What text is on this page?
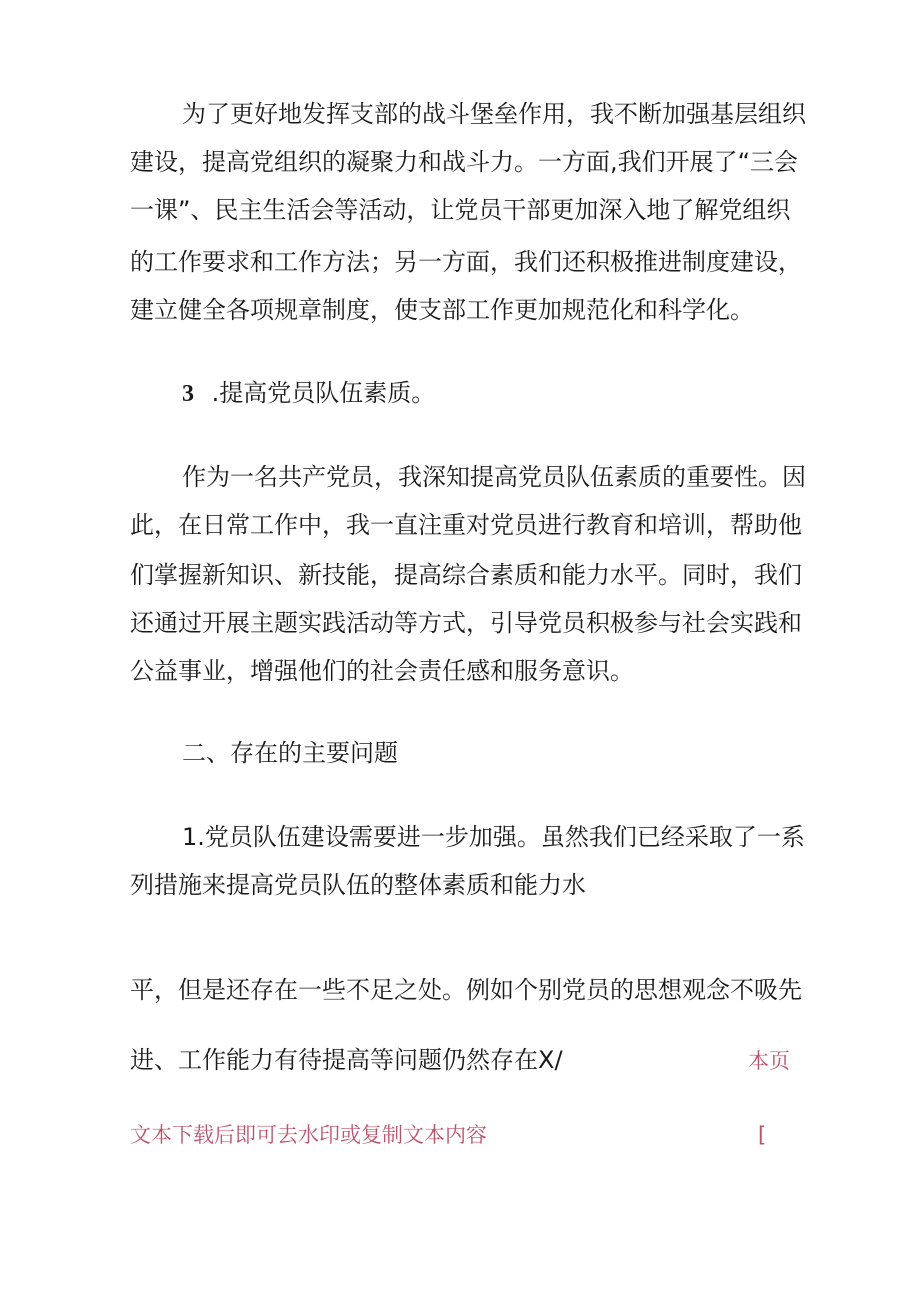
为了更好地发挥支部的战斗堡垒作用，我不断加强基层组织
建设，提高党组织的凝聚力和战斗力。一方面,我们开展了“三会
一课”、民主生活会等活动，让党员干部更加深入地了解党组织
的工作要求和工作方法；另一方面，我们还积极推进制度建设，
建立健全各项规章制度，使支部工作更加规范化和科学化。
3 .提高党员队伍素质。
作为一名共产党员，我深知提高党员队伍素质的重要性。因
此，在日常工作中，我一直注重对党员进行教育和培训，帮助他
们掌握新知识、新技能，提高综合素质和能力水平。同时，我们
还通过开展主题实践活动等方式，引导党员积极参与社会实践和
公益事业，增强他们的社会责任感和服务意识。
二、存在的主要问题
1.党员队伍建设需要进一步加强。虽然我们已经采取了一系
列措施来提高党员队伍的整体素质和能力水
平，但是还存在一些不足之处。例如个别党员的思想观念不吸先
进、工作能力有待提高等问题仍然存在X/	本页
文本下载后即可去水印或复制文本内容	[
